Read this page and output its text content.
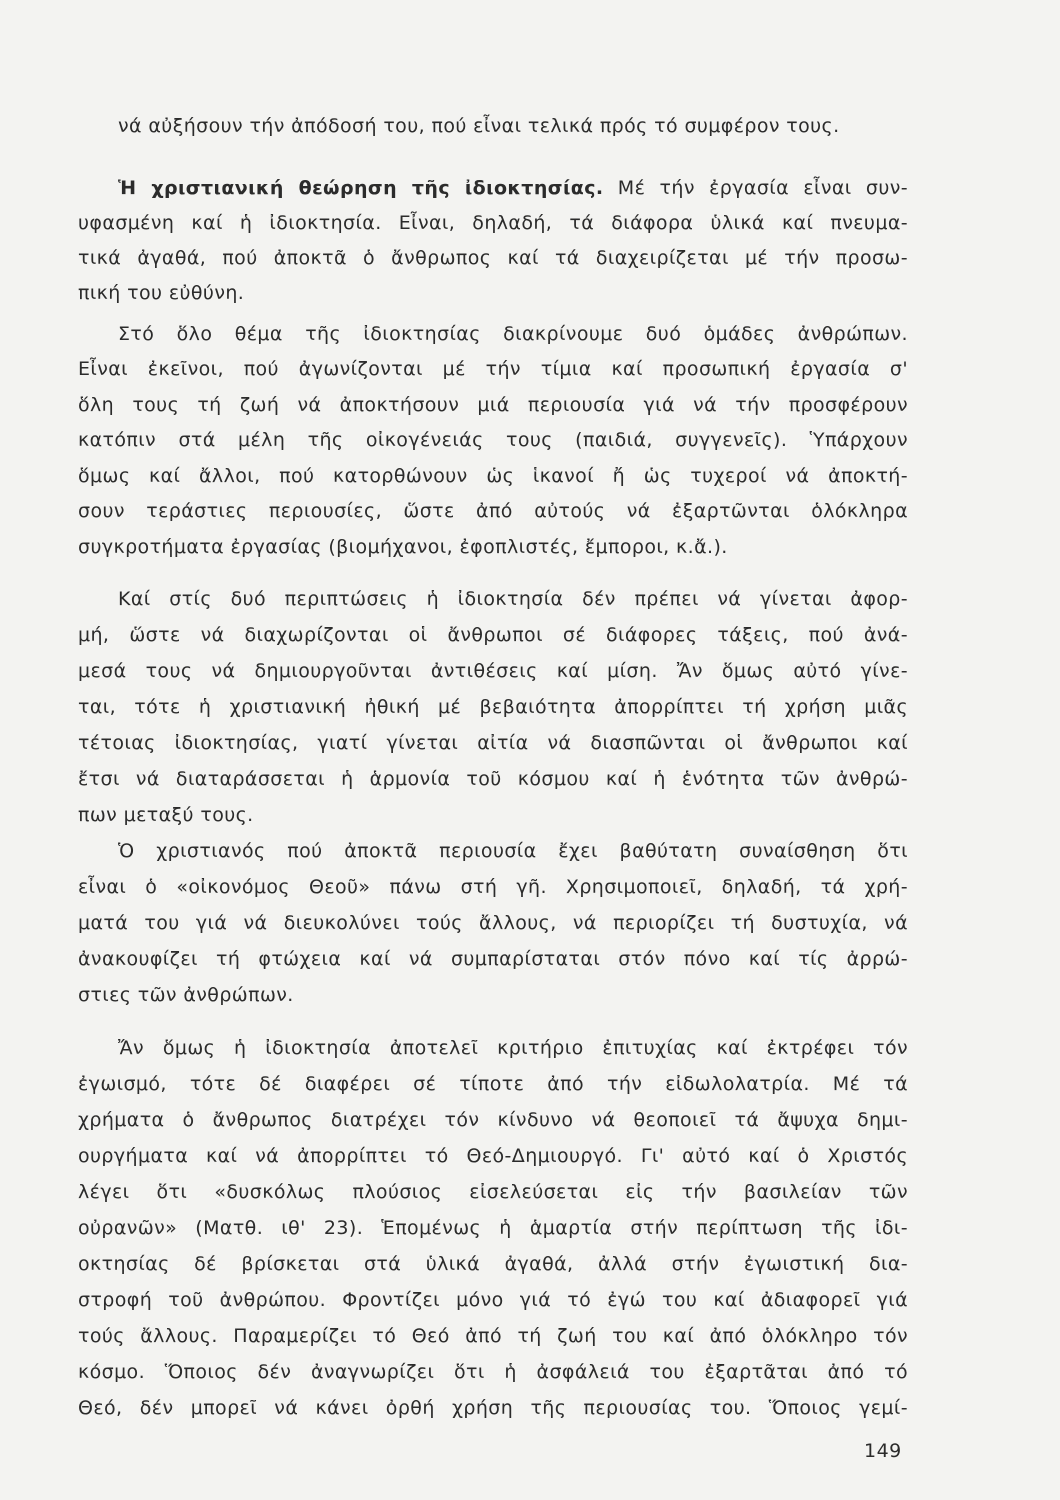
νά αὐξήσουν τήν ἀπόδοσή του, πού εἶναι τελικά πρός τό συμφέρον τους.
Ἡ χριστιανική θεώρηση τῆς ἰδιοκτησίας. Μέ τήν ἐργασία εἶναι συν-
υφασμένη καί ἡ ἰδιοκτησία. Εἶναι, δηλαδή, τά διάφορα ὑλικά καί πνευμα-
τικά ἀγαθά, πού ἀποκτᾶ ὁ ἄνθρωπος καί τά διαχειρίζεται μέ τήν προσω-
πική του εὐθύνη.
Στό ὅλο θέμα τῆς ἰδιοκτησίας διακρίνουμε δυό ὁμάδες ἀνθρώπων.
Εἶναι ἐκεῖνοι, πού ἀγωνίζονται μέ τήν τίμια καί προσωπική ἐργασία σ'
ὅλη τους τή ζωή νά ἀποκτήσουν μιά περιουσία γιά νά τήν προσφέρουν
κατόπιν στά μέλη τῆς οἰκογένειάς τους (παιδιά, συγγενεῖς). Ὑπάρχουν
ὅμως καί ἄλλοι, πού κατορθώνουν ὡς ἱκανοί ἤ ὡς τυχεροί νά ἀποκτή-
σουν τεράστιες περιουσίες, ὥστε ἀπό αὐτούς νά ἐξαρτῶνται ὁλόκληρα
συγκροτήματα ἐργασίας (βιομήχανοι, ἐφοπλιστές, ἔμποροι, κ.ἄ.).
Καί στίς δυό περιπτώσεις ἡ ἰδιοκτησία δέν πρέπει νά γίνεται ἀφορ-
μή, ὥστε νά διαχωρίζονται οἱ ἄνθρωποι σέ διάφορες τάξεις, πού ἀνά-
μεσά τους νά δημιουργοῦνται ἀντιθέσεις καί μίση. Ἄν ὅμως αὐτό γίνε-
ται, τότε ἡ χριστιανική ἠθική μέ βεβαιότητα ἀπορρίπτει τή χρήση μιᾶς
τέτοιας ἰδιοκτησίας, γιατί γίνεται αἰτία νά διασπῶνται οἱ ἄνθρωποι καί
ἔτσι νά διαταράσσεται ἡ ἁρμονία τοῦ κόσμου καί ἡ ἑνότητα τῶν ἀνθρώ-
πων μεταξύ τους.
Ὁ χριστιανός πού ἀποκτᾶ περιουσία ἔχει βαθύτατη συναίσθηση ὅτι
εἶναι ὁ «οἰκονόμος Θεοῦ» πάνω στή γῆ. Χρησιμοποιεῖ, δηλαδή, τά χρή-
ματά του γιά νά διευκολύνει τούς ἄλλους, νά περιορίζει τή δυστυχία, νά
ἀνακουφίζει τή φτώχεια καί νά συμπαρίσταται στόν πόνο καί τίς ἀρρώ-
στιες τῶν ἀνθρώπων.
Ἄν ὅμως ἡ ἰδιοκτησία ἀποτελεῖ κριτήριο ἐπιτυχίας καί ἐκτρέφει τόν
ἐγωισμό, τότε δέ διαφέρει σέ τίποτε ἀπό τήν εἰδωλολατρία. Μέ τά
χρήματα ὁ ἄνθρωπος διατρέχει τόν κίνδυνο νά θεοποιεῖ τά ἄψυχα δημι-
ουργήματα καί νά ἀπορρίπτει τό Θεό-Δημιουργό. Γι' αὐτό καί ὁ Χριστός
λέγει ὅτι «δυσκόλως πλούσιος εἰσελεύσεται εἰς τήν βασιλείαν τῶν
οὐρανῶν» (Ματθ. ιθ' 23). Ἑπομένως ἡ ἁμαρτία στήν περίπτωση τῆς ἰδι-
οκτησίας δέ βρίσκεται στά ὑλικά ἀγαθά, ἀλλά στήν ἐγωιστική δια-
στροφή τοῦ ἀνθρώπου. Φροντίζει μόνο γιά τό ἐγώ του καί ἀδιαφορεῖ γιά
τούς ἄλλους. Παραμερίζει τό Θεό ἀπό τή ζωή του καί ἀπό ὁλόκληρο τόν
κόσμο. Ὅποιος δέν ἀναγνωρίζει ὅτι ἡ ἀσφάλειά του ἐξαρτᾶται ἀπό τό
Θεό, δέν μπορεῖ νά κάνει ὀρθή χρήση τῆς περιουσίας του. Ὅποιος γεμί-
149
